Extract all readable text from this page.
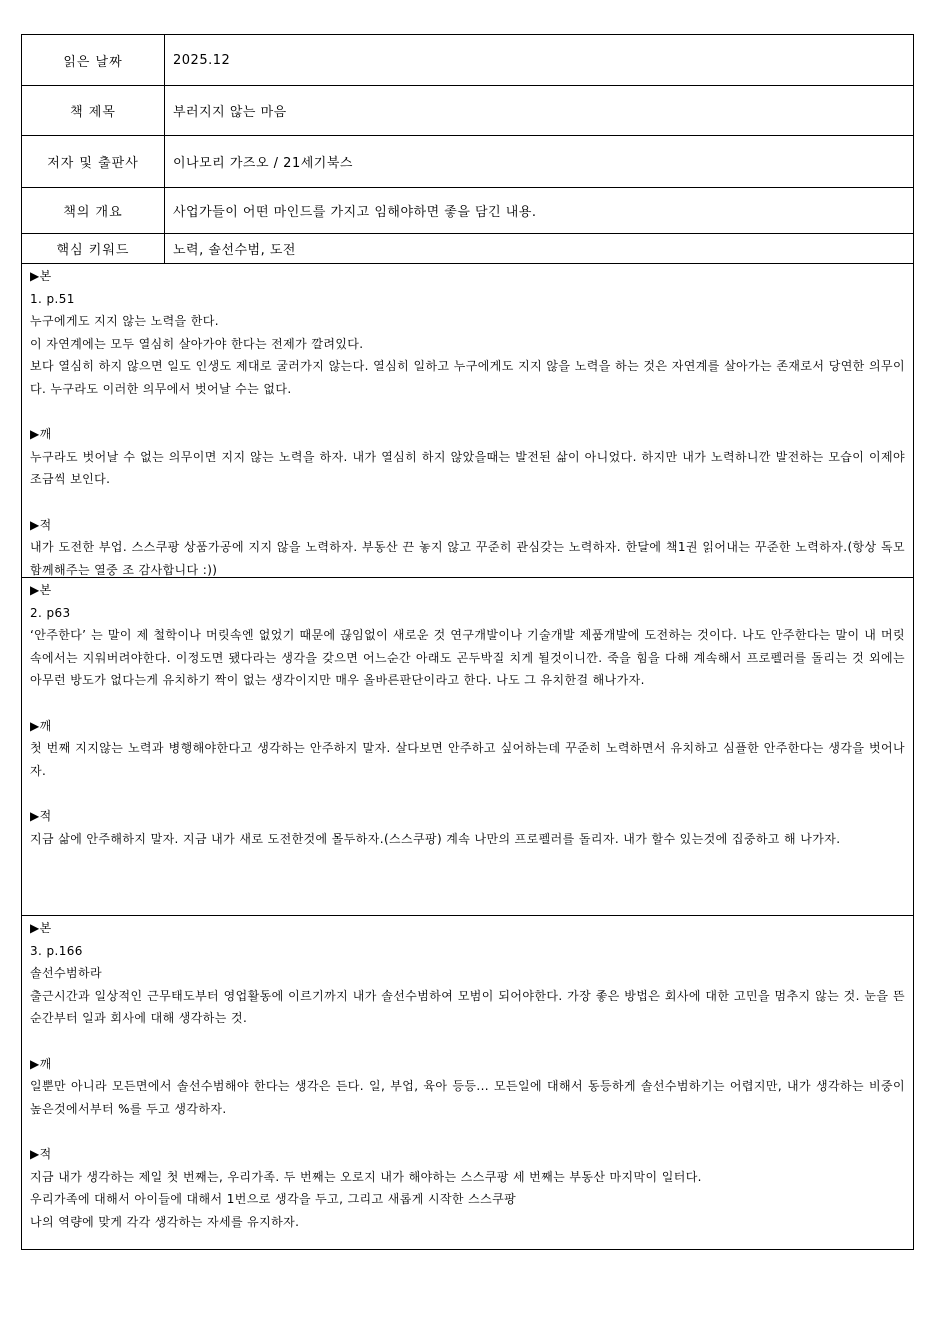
읽은 날짜	2025.12
책 제목	부러지지 않는 마음
저자 및 출판사	이나모리 가즈오 / 21세기북스
책의 개요	사업가들이 어떤 마인드를 가지고 임해야하면 좋을 담긴 내용.
핵심 키워드	노력, 솔선수범, 도전

▶본

1. p.51

누구에게도 지지 않는 노력을 한다.

이 자연계에는 모두 열심히 살아가야 한다는 전제가 깔려있다.

보다 열심히 하지 않으면 일도 인생도 제대로 굴러가지 않는다. 열심히 일하고 누구에게도 지지 않을 노력을 하는 것은 자연계를 살아가는 존재로서 당연한 의무이다. 누구라도 이러한 의무에서 벗어날 수는 없다.

▶깨

누구라도 벗어날 수 없는 의무이면 지지 않는 노력을 하자. 내가 열심히 하지 않았을때는 발전된 삶이 아니었다. 하지만 내가 노력하니깐 발전하는 모습이 이제야 조금씩 보인다.

▶적

내가 도전한 부업. 스스쿠팡 상품가공에 지지 않을 노력하자. 부동산 끈 놓지 않고 꾸준히 관심갖는 노력하자. 한달에 책1권 읽어내는 꾸준한 노력하자.(항상 독모 함께해주는 열중 조 감사합니다 :))

▶본

2. p63

‘안주한다’ 는 말이 제 철학이나 머릿속엔 없었기 때문에 끊임없이 새로운 것 연구개발이나 기술개발 제품개발에 도전하는 것이다. 나도 안주한다는 말이 내 머릿속에서는 지워버려야한다. 이정도면 됐다라는 생각을 갖으면 어느순간 아래도 곤두박질 치게 될것이니깐. 죽을 힘을 다해 계속해서 프로펠러를 돌리는 것 외에는 아무런 방도가 없다는게 유치하기 짝이 없는 생각이지만 매우 올바른판단이라고 한다. 나도 그 유치한걸 해나가자.

▶깨

첫 번째 지지않는 노력과 병행해야한다고 생각하는 안주하지 말자. 살다보면 안주하고 싶어하는데 꾸준히 노력하면서 유치하고 심플한 안주한다는 생각을 벗어나자.

▶적

지금 삶에 안주해하지 말자. 지금 내가 새로 도전한것에 몰두하자.(스스쿠팡) 계속 나만의 프로펠러를 돌리자. 내가 할수 있는것에 집중하고 해 나가자.

▶본

3. p.166

솔선수범하라

출근시간과 일상적인 근무태도부터 영업활동에 이르기까지 내가 솔선수범하여 모범이 되어야한다. 가장 좋은 방법은 회사에 대한 고민을 멈추지 않는 것. 눈을 뜬 순간부터 일과 회사에 대해 생각하는 것.

▶깨

일뿐만 아니라 모든면에서 솔선수범해야 한다는 생각은 든다. 일, 부업, 육아 등등... 모든일에 대해서 동등하게 솔선수범하기는 어렵지만, 내가 생각하는 비중이 높은것에서부터 %를 두고 생각하자.

▶적

지금 내가 생각하는 제일 첫 번째는, 우리가족. 두 번째는 오로지 내가 해야하는 스스쿠팡 세 번째는 부동산 마지막이 일터다.

우리가족에 대해서 아이들에 대해서 1번으로 생각을 두고, 그리고 새롭게 시작한 스스쿠팡

나의 역량에 맞게 각각 생각하는 자세를 유지하자.
